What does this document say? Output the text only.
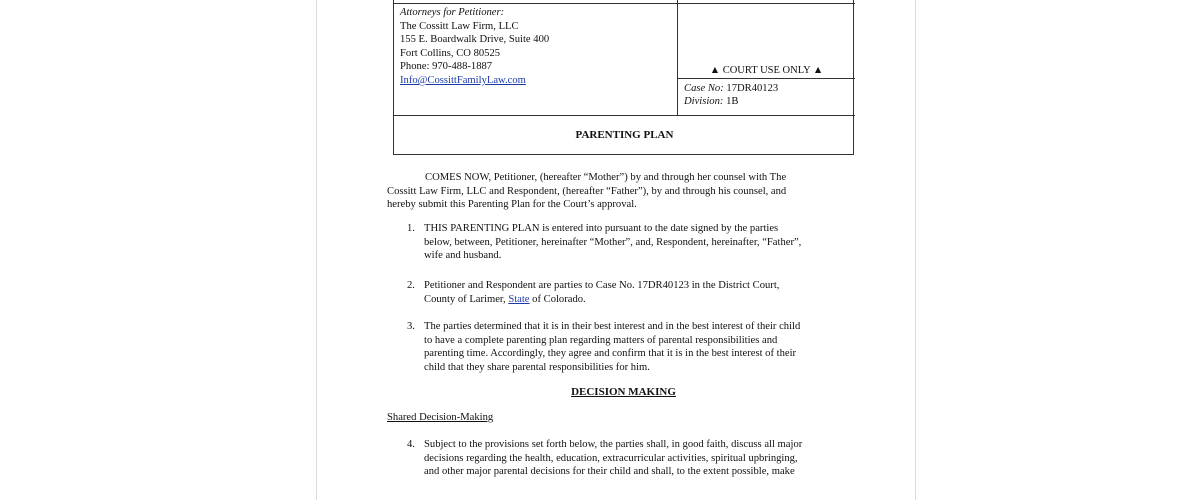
Attorneys for Petitioner:
The Cossitt Law Firm, LLC
155 E. Boardwalk Drive, Suite 400
Fort Collins, CO 80525
Phone: 970-488-1887
Info@CossittFamilyLaw.com
▲ COURT USE ONLY ▲
Case No: 17DR40123
Division: 1B
PARENTING PLAN
COMES NOW, Petitioner, (hereafter “Mother”) by and through her counsel with The
Cossitt Law Firm, LLC and Respondent, (hereafter “Father”), by and through his counsel, and
hereby submit this Parenting Plan for the Court’s approval.
1. THIS PARENTING PLAN is entered into pursuant to the date signed by the parties
below, between, Petitioner, hereinafter “Mother”, and, Respondent, hereinafter, “Father”,
wife and husband.
2. Petitioner and Respondent are parties to Case No. 17DR40123 in the District Court,
County of Larimer, State of Colorado.
3. The parties determined that it is in their best interest and in the best interest of their child
to have a complete parenting plan regarding matters of parental responsibilities and
parenting time. Accordingly, they agree and confirm that it is in the best interest of their
child that they share parental responsibilities for him.
DECISION MAKING
Shared Decision-Making
4. Subject to the provisions set forth below, the parties shall, in good faith, discuss all major
decisions regarding the health, education, extracurricular activities, spiritual upbringing,
and other major parental decisions for their child and shall, to the extent possible, make
